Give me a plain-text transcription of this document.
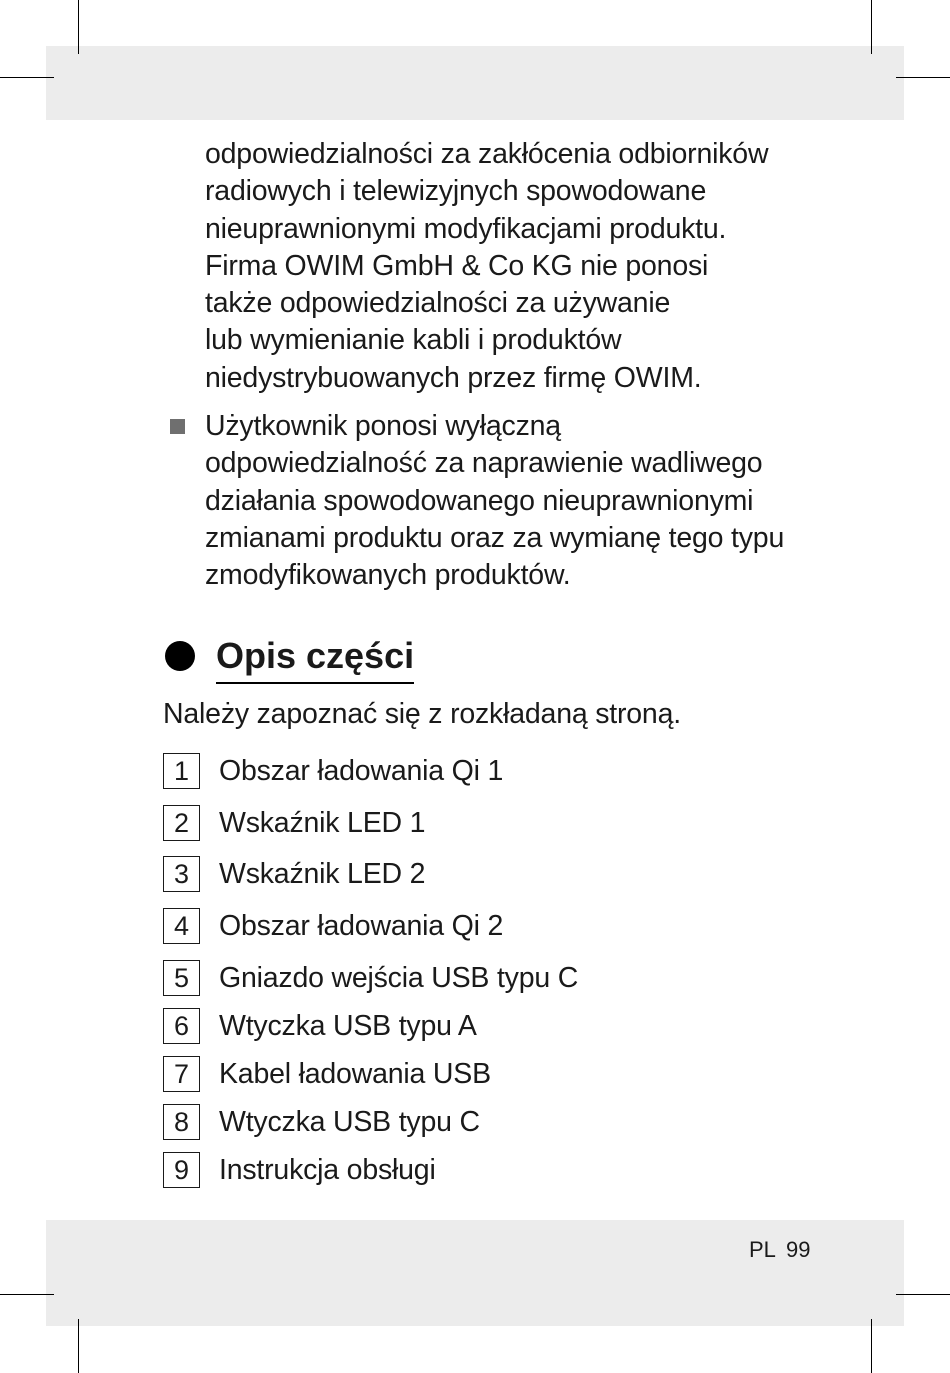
odpowiedzialności za zakłócenia odbiorników
radiowych i telewizyjnych spowodowane
nieuprawnionymi modyfikacjami produktu.
Firma OWIM GmbH & Co KG nie ponosi
także odpowiedzialności za używanie
lub wymienianie kabli i produktów
niedystrybuowanych przez firmę OWIM.

Użytkownik ponosi wyłączną
odpowiedzialność za naprawienie wadliwego
działania spowodowanego nieuprawnionymi
zmianami produktu oraz za wymianę tego typu
zmodyfikowanych produktów.

Opis części

Należy zapoznać się z rozkładaną stroną.

1	Obszar ładowania Qi 1
2	Wskaźnik LED 1
3	Wskaźnik LED 2
4	Obszar ładowania Qi 2
5	Gniazdo wejścia USB typu C
6	Wtyczka USB typu A
7	Kabel ładowania USB
8	Wtyczka USB typu C
9	Instrukcja obsługi
PL 99
